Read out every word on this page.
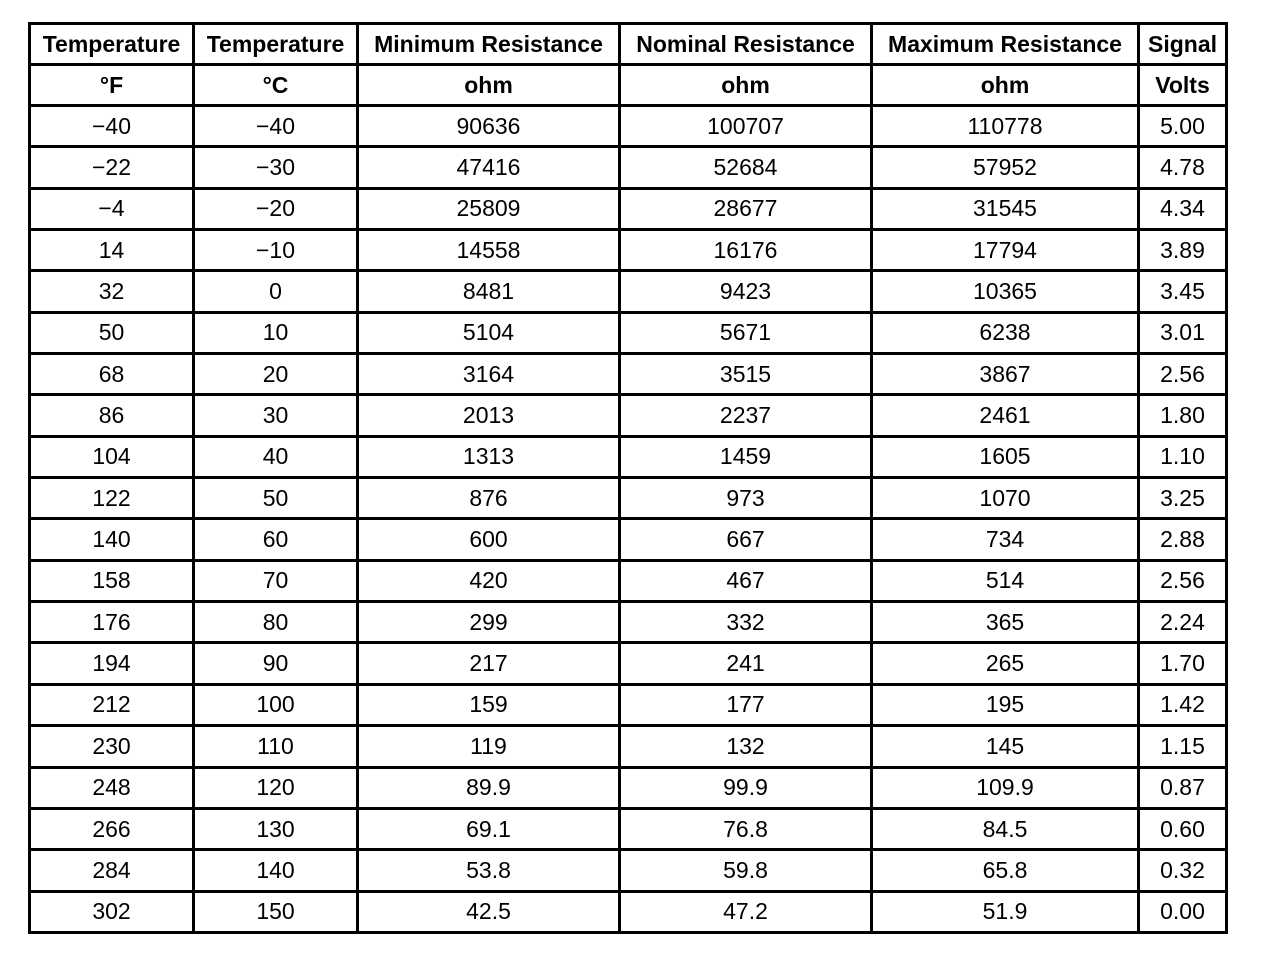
Temperature	Temperature	Minimum Resistance	Nominal Resistance	Maximum Resistance	Signal
°F	°C	ohm	ohm	ohm	Volts
−40	−40	90636	100707	110778	5.00
−22	−30	47416	52684	57952	4.78
−4	−20	25809	28677	31545	4.34
14	−10	14558	16176	17794	3.89
32	0	8481	9423	10365	3.45
50	10	5104	5671	6238	3.01
68	20	3164	3515	3867	2.56
86	30	2013	2237	2461	1.80
104	40	1313	1459	1605	1.10
122	50	876	973	1070	3.25
140	60	600	667	734	2.88
158	70	420	467	514	2.56
176	80	299	332	365	2.24
194	90	217	241	265	1.70
212	100	159	177	195	1.42
230	110	119	132	145	1.15
248	120	89.9	99.9	109.9	0.87
266	130	69.1	76.8	84.5	0.60
284	140	53.8	59.8	65.8	0.32
302	150	42.5	47.2	51.9	0.00
